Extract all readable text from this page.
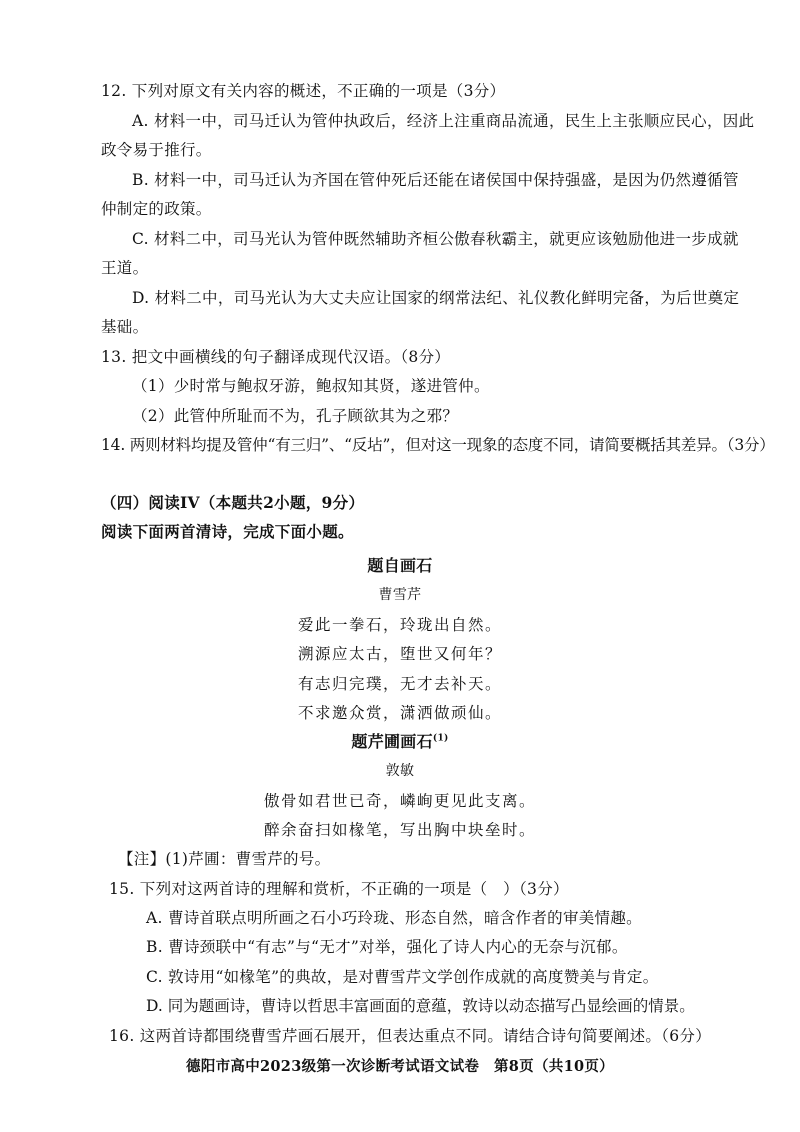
12. 下列对原文有关内容的概述，不正确的一项是（3分）
A. 材料一中，司马迁认为管仲执政后，经济上注重商品流通，民生上主张顺应民心，因此
政令易于推行。
B. 材料一中，司马迁认为齐国在管仲死后还能在诸侯国中保持强盛，是因为仍然遵循管
仲制定的政策。
C. 材料二中，司马光认为管仲既然辅助齐桓公傲春秋霸主，就更应该勉励他进一步成就
王道。
D. 材料二中，司马光认为大丈夫应让国家的纲常法纪、礼仪教化鲜明完备，为后世奠定
基础。
13. 把文中画横线的句子翻译成现代汉语。（8分）
（1）少时常与鲍叔牙游，鲍叔知其贤，遂进管仲。
（2）此管仲所耻而不为，孔子顾欲其为之邪？
14. 两则材料均提及管仲“有三归”、“反坫”，但对这一现象的态度不同，请简要概括其差异。（3分）
（四）阅读IV（本题共2小题，9分）
阅读下面两首清诗，完成下面小题。
题自画石
曹雪芹
爱此一拳石，玲珑出自然。
溯源应太古，堕世又何年？
有志归完璞，无才去补天。
不求邀众赏，潇洒做顽仙。
题芹圃画石$^{(1)}$
敦敏
傲骨如君世已奇，嶙峋更见此支离。
醉余奋扫如椽笔，写出胸中块垒时。
【注】(1)芹圃：曹雪芹的号。
15. 下列对这两首诗的理解和赏析，不正确的一项是（　）（3分）
A. 曹诗首联点明所画之石小巧玲珑、形态自然，暗含作者的审美情趣。
B. 曹诗颈联中“有志”与“无才”对举，强化了诗人内心的无奈与沉郁。
C. 敦诗用“如椽笔”的典故，是对曹雪芹文学创作成就的高度赞美与肯定。
D. 同为题画诗，曹诗以哲思丰富画面的意蕴，敦诗以动态描写凸显绘画的情景。
16. 这两首诗都围绕曹雪芹画石展开，但表达重点不同。请结合诗句简要阐述。（6分）
德阳市高中2023级第一次诊断考试语文试卷　第8页（共10页）
